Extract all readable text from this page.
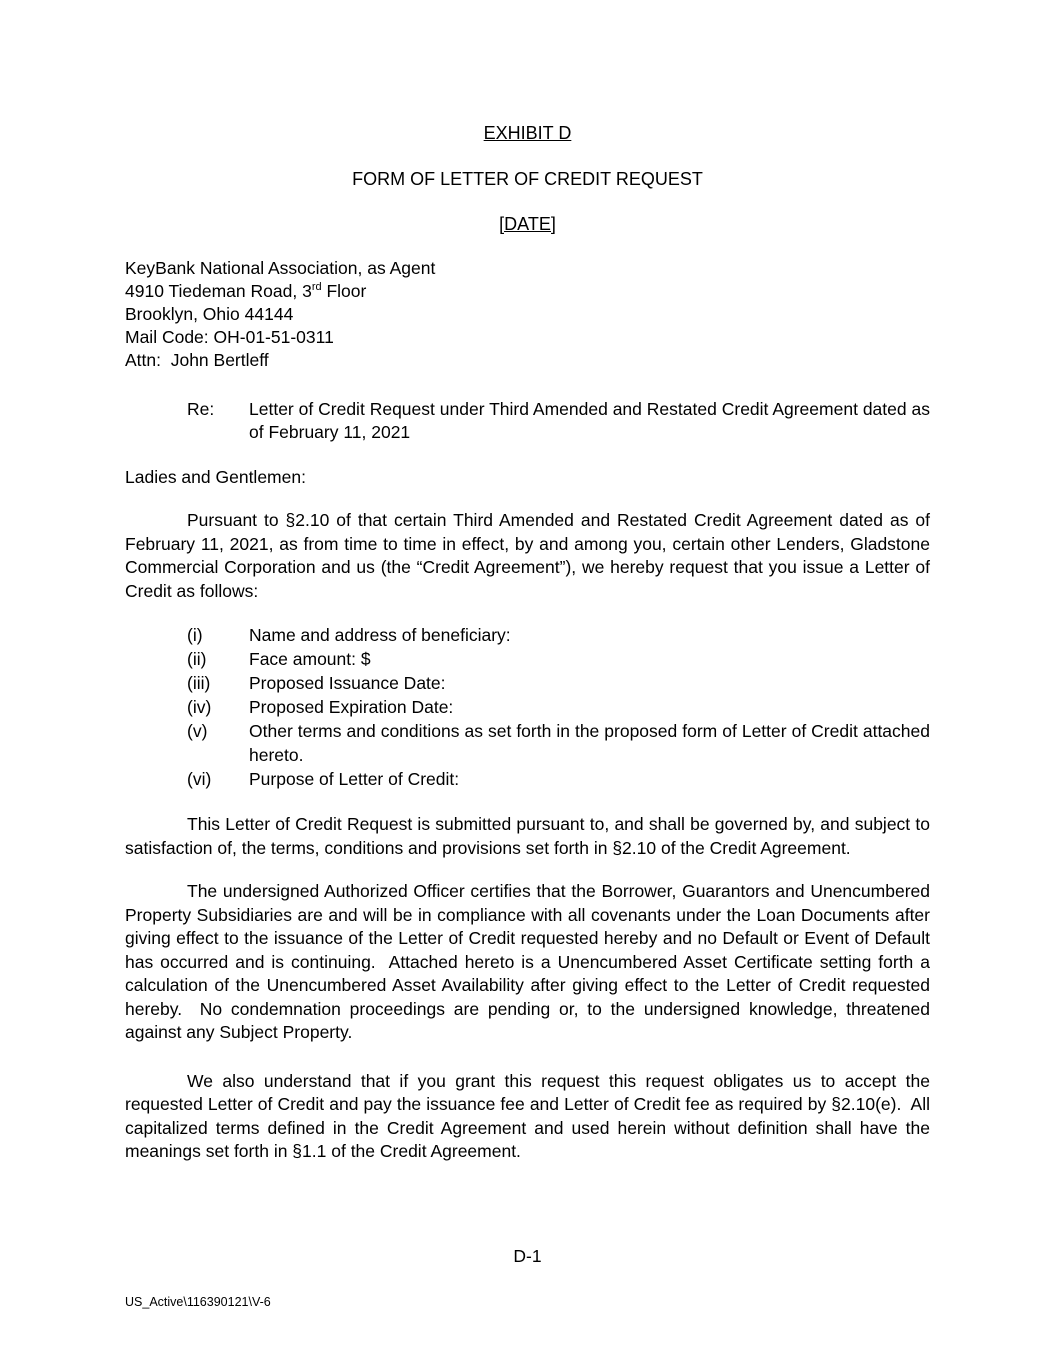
EXHIBIT D
FORM OF LETTER OF CREDIT REQUEST
[DATE]
KeyBank National Association, as Agent
4910 Tiedeman Road, 3rd Floor
Brooklyn, Ohio 44144
Mail Code: OH-01-51-0311
Attn:  John Bertleff
Re: Letter of Credit Request under Third Amended and Restated Credit Agreement dated as of February 11, 2021
Ladies and Gentlemen:

Pursuant to §2.10 of that certain Third Amended and Restated Credit Agreement dated as of February 11, 2021, as from time to time in effect, by and among you, certain other Lenders, Gladstone Commercial Corporation and us (the “Credit Agreement”), we hereby request that you issue a Letter of Credit as follows:

(i)	Name and address of beneficiary:
(ii) Face amount: $
(iii) Proposed Issuance Date:
(iv) Proposed Expiration Date:
(v) Other terms and conditions as set forth in the proposed form of Letter of Credit attached hereto.
(vi) Purpose of Letter of Credit:

This Letter of Credit Request is submitted pursuant to, and shall be governed by, and subject to satisfaction of, the terms, conditions and provisions set forth in §2.10 of the Credit Agreement.

The undersigned Authorized Officer certifies that the Borrower, Guarantors and Unencumbered Property Subsidiaries are and will be in compliance with all covenants under the Loan Documents after giving effect to the issuance of the Letter of Credit requested hereby and no Default or Event of Default has occurred and is continuing.  Attached hereto is a Unencumbered Asset Certificate setting forth a calculation of the Unencumbered Asset Availability after giving effect to the Letter of Credit requested hereby.  No condemnation proceedings are pending or, to the undersigned knowledge, threatened against any Subject Property.

We also understand that if you grant this request this request obligates us to accept the requested Letter of Credit and pay the issuance fee and Letter of Credit fee as required by §2.10(e).  All capitalized terms defined in the Credit Agreement and used herein without definition shall have the meanings set forth in §1.1 of the Credit Agreement.

D-1
US_Active\116390121\V-6
